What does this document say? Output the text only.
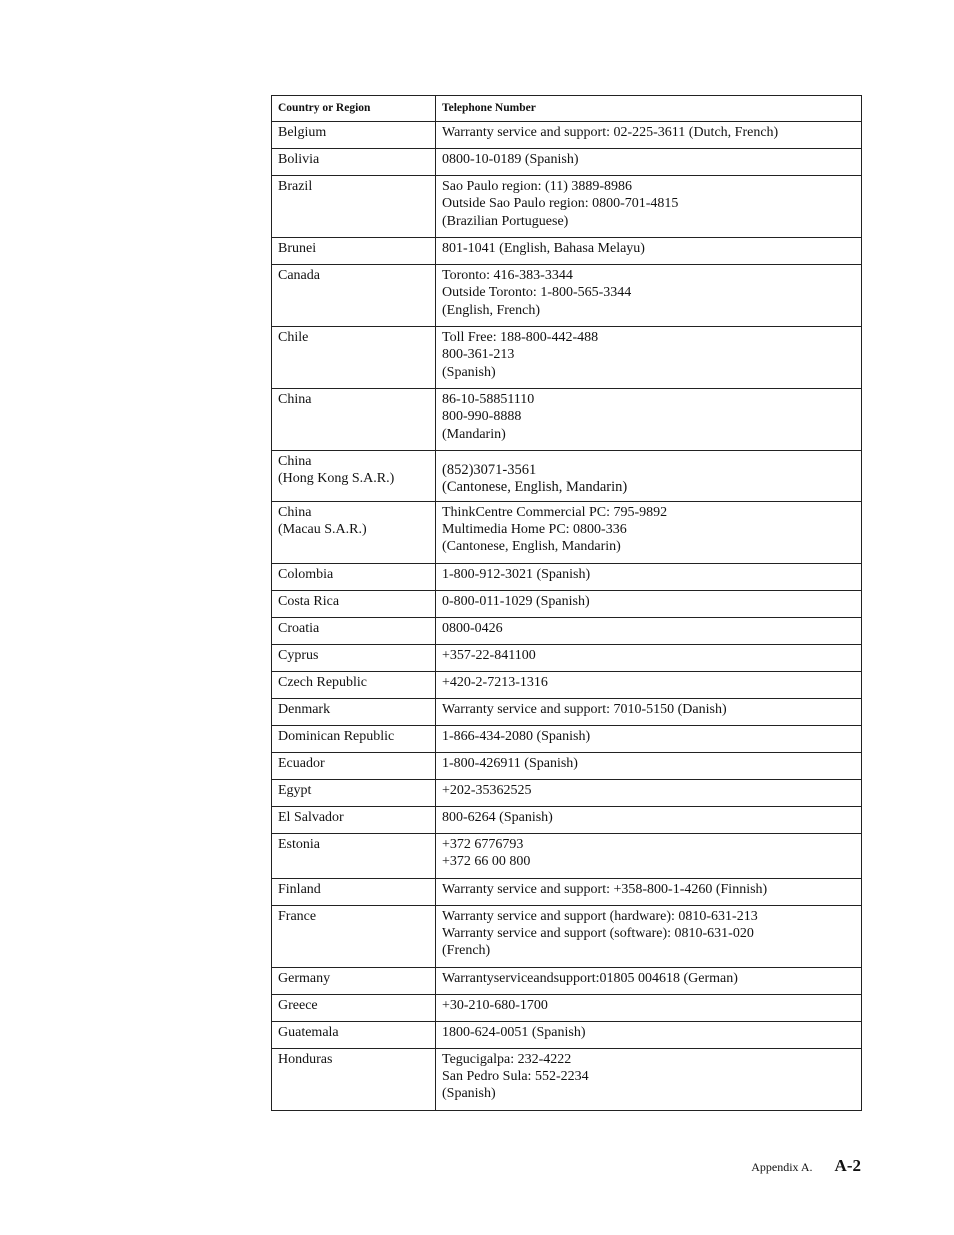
Country or Region	Telephone Number

Belgium	Warranty service and support: 02-225-3611 (Dutch, French)

Bolivia	0800-10-0189 (Spanish)

Brazil	Sao Paulo region: (11) 3889-8986
Outside Sao Paulo region: 0800-701-4815
(Brazilian Portuguese)

Brunei	801-1041 (English, Bahasa Melayu)

Canada	Toronto: 416-383-3344
Outside Toronto: 1-800-565-3344
(English, French)

Chile	Toll Free: 188-800-442-488
800-361-213
(Spanish)

China	86-10-58851110
800-990-8888
(Mandarin)

China
(Hong Kong S.A.R.)	(852)3071-3561
(Cantonese, English, Mandarin)

China
(Macau S.A.R.)	ThinkCentre Commercial PC: 795-9892
Multimedia Home PC: 0800-336
(Cantonese, English, Mandarin)

Colombia	1-800-912-3021 (Spanish)

Costa Rica	0-800-011-1029 (Spanish)

Croatia	0800-0426

Cyprus	+357-22-841100

Czech Republic	+420-2-7213-1316

Denmark	Warranty service and support: 7010-5150 (Danish)

Dominican Republic	1-866-434-2080 (Spanish)

Ecuador	1-800-426911 (Spanish)

Egypt	+202-35362525

El Salvador	800-6264 (Spanish)

Estonia	+372 6776793
+372 66 00 800

Finland	Warranty service and support: +358-800-1-4260 (Finnish)

France	Warranty service and support (hardware): 0810-631-213
Warranty service and support (software): 0810-631-020
(French)

Germany	Warrantyserviceandsupport:01805 004618 (German)

Greece	+30-210-680-1700

Guatemala	1800-624-0051 (Spanish)

Honduras	Tegucigalpa: 232-4222
San Pedro Sula: 552-2234
(Spanish)
Appendix A. A-2
